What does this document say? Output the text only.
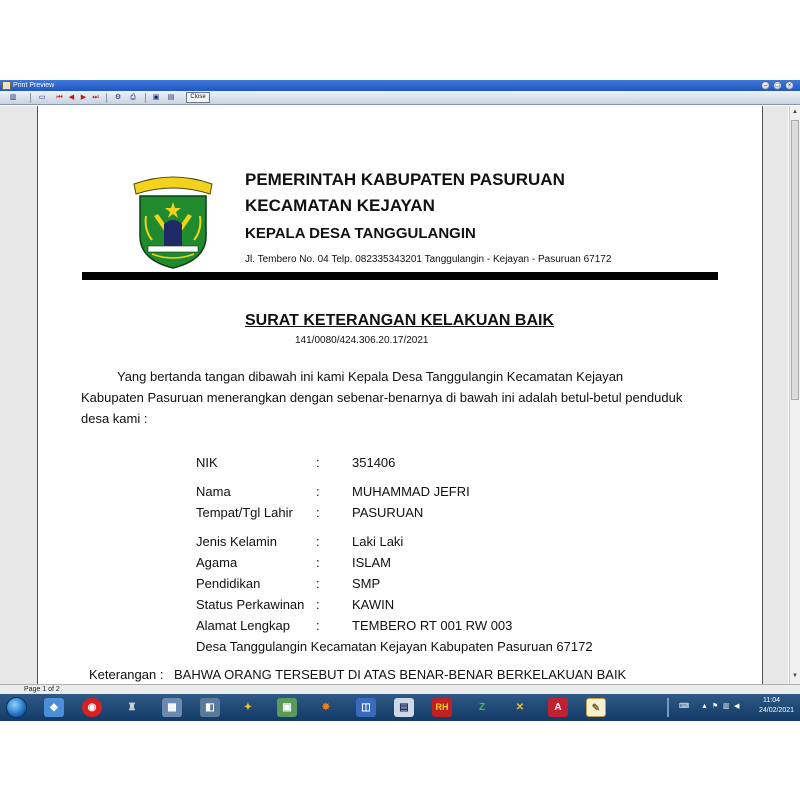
Print Preview	–	□	×
▥	▭	⏮ ◀ ▶ ⏭	⚙	⎙	▣	▤	Close
PEMERINTAH KABUPATEN PASURUAN
KECAMATAN KEJAYAN
KEPALA DESA TANGGULANGIN
Jl. Tembero No. 04 Telp. 082335343201 Tanggulangin - Kejayan - Pasuruan 67172
SURAT KETERANGAN KELAKUAN BAIK
141/0080/424.306.20.17/2021
Yang bertanda tangan dibawah ini kami Kepala Desa Tanggulangin Kecamatan Kejayan
Kabupaten Pasuruan menerangkan dengan sebenar-benarnya di bawah ini adalah betul-betul penduduk
desa kami :
NIK	: 351406
Nama	: MUHAMMAD JEFRI
Tempat/Tgl Lahir : PASURUAN
Jenis Kelamin	: Laki Laki
Agama	: ISLAM
Pendidikan	: SMP
Status Perkawinan : KAWIN
Alamat Lengkap : TEMBERO RT 001 RW 003
Desa Tanggulangin Kecamatan Kejayan Kabupaten Pasuruan 67172
Keterangan : BAHWA ORANG TERSEBUT DI ATAS BENAR-BENAR BERKELAKUAN BAIK
▲
▼
Page 1 of 2
◆	◉	♜	▦	◧	✦	▣	✸	◫	▤	RH	Z	✕	A	✎	⌨ ▲ ⚑ ▥ ◀
11:04
24/02/2021
